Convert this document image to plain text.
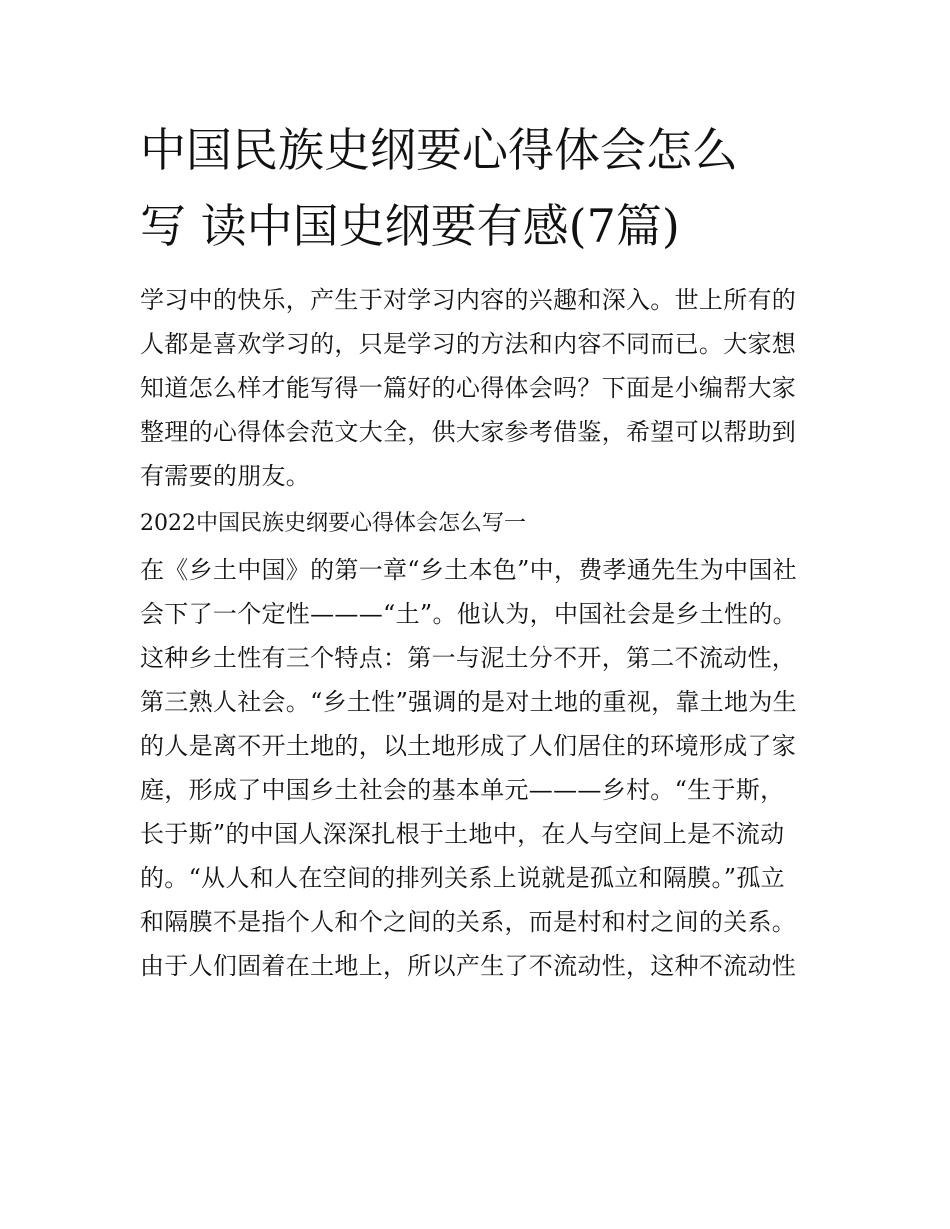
中国民族史纲要心得体会怎么
写 读中国史纲要有感(7篇)

学习中的快乐，产生于对学习内容的兴趣和深入。世上所有的
人都是喜欢学习的，只是学习的方法和内容不同而已。大家想
知道怎么样才能写得一篇好的心得体会吗？下面是小编帮大家
整理的心得体会范文大全，供大家参考借鉴，希望可以帮助到
有需要的朋友。

2022中国民族史纲要心得体会怎么写一

在《乡土中国》的第一章“乡土本色”中，费孝通先生为中国社
会下了一个定性———“土”。他认为，中国社会是乡土性的。
这种乡土性有三个特点：第一与泥土分不开，第二不流动性，
第三熟人社会。“乡土性”强调的是对土地的重视，靠土地为生
的人是离不开土地的，以土地形成了人们居住的环境形成了家
庭，形成了中国乡土社会的基本单元———乡村。“生于斯，
长于斯”的中国人深深扎根于土地中，在人与空间上是不流动
的。“从人和人在空间的排列关系上说就是孤立和隔膜。”孤立
和隔膜不是指个人和个之间的关系，而是村和村之间的关系。
由于人们固着在土地上，所以产生了不流动性，这种不流动性
